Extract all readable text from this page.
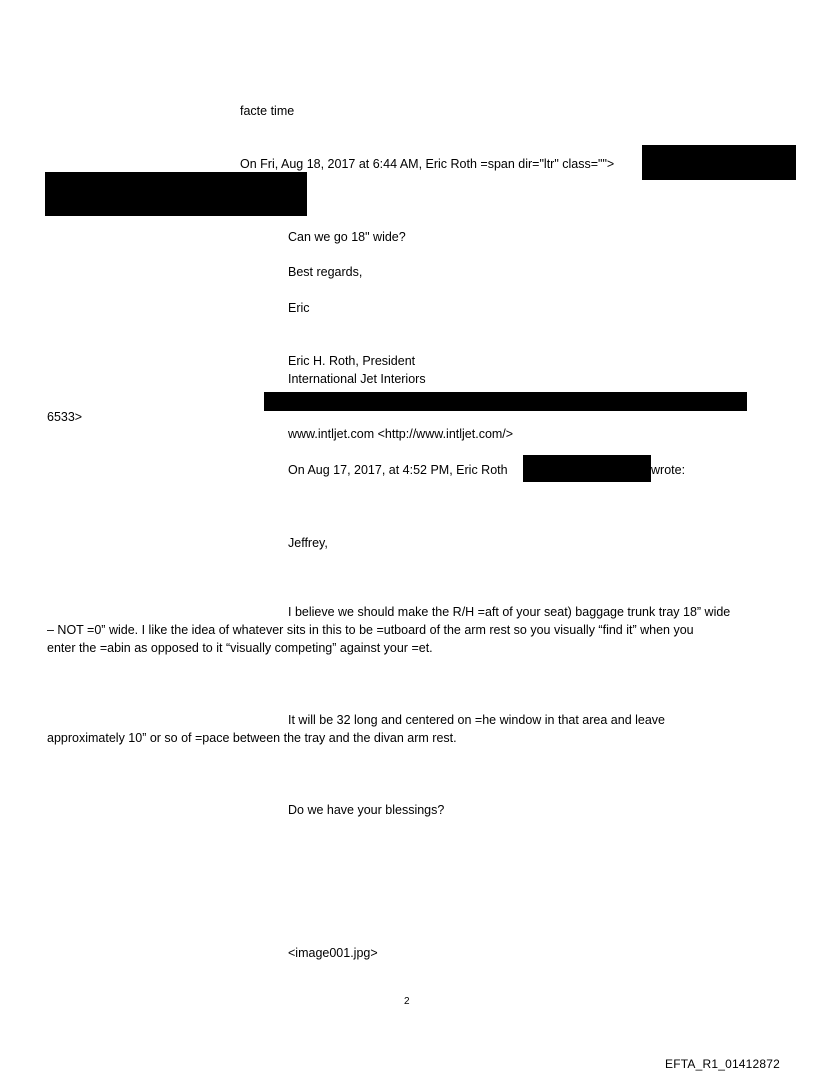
facte time
On Fri, Aug 18, 2017 at 6:44 AM, Eric Roth =span dir="ltr" class="">
Can we go 18" wide?
Best regards,
Eric
Eric H. Roth, President
International Jet Interiors
6533>
www.intljet.com <http://www.intljet.com/>
On Aug 17, 2017, at 4:52 PM, Eric Roth	wrote:
Jeffrey,
I believe we should make the R/H =aft of your seat) baggage trunk tray 18” wide
– NOT =0” wide. I like the idea of whatever sits in this to be =utboard of the arm rest so you visually “find it” when you
enter the =abin as opposed to it “visually competing” against your =et.
It will be 32 long and centered on =he window in that area and leave
approximately 10” or so of =pace between the tray and the divan arm rest.
Do we have your blessings?
<image001.jpg>
2
EFTA_R1_01412872
